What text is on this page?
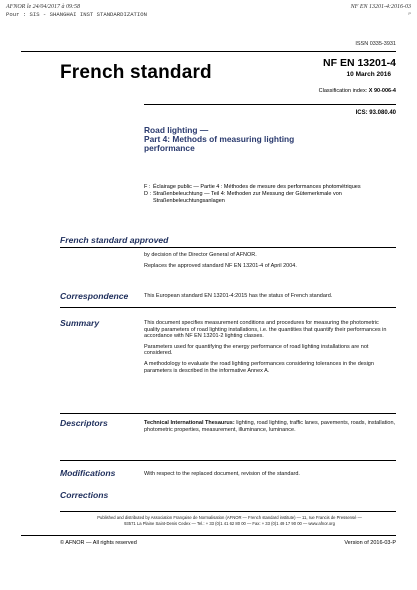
AFNOR le 24/04/2017 à 09:58
Pour : SIS - SHANGHAI INST STANDARDIZATION
NF EN 13201-4:2016-03
P
ISSN 0335-3931
French standard	NF EN 13201-4
10 March 2016
Classification index: X 90-006-4
ICS: 93.080.40
Road lighting —
Part 4: Methods of measuring lighting performance
F : Éclairage public — Partie 4 : Méthodes de mesure des performances photométriques
D : Straßenbeleuchtung — Teil 4: Methoden zur Messung der Gütemerkmale von Straßenbeleuchtungsanlagen
French standard approved

by decision of the Director General of AFNOR.

Replaces the approved standard NF EN 13201-4 of April 2004.

Correspondence	This European standard EN 13201-4:2015 has the status of French standard.

Summary	This document specifies measurement conditions and procedures for measuring the photometric quality parameters of road lighting installations, i.e. the quantities that quantify their performances in accordance with NF EN 13201-2 lighting classes.

Parameters used for quantifying the energy performance of road lighting installations are not considered.

A methodology to evaluate the road lighting performances considering tolerances in the design parameters is described in the informative Annex A.

Descriptors	Technical International Thesaurus: lighting, road lighting, traffic lanes, pavements, roads, installation, photometric properties, measurement, illuminance, luminance.

Modifications	With respect to the replaced document, revision of the standard.

Corrections
Published and distributed by Association Française de Normalisation (AFNOR — French standard institute) — 11, rue Francis de Pressensé —
93571 La Plaine Saint-Denis Cedex — Tel.: + 33 (0)1 41 62 80 00 — Fax: + 33 (0)1 49 17 90 00 — www.afnor.org
© AFNOR — All rights reserved	Version of 2016-03-P
